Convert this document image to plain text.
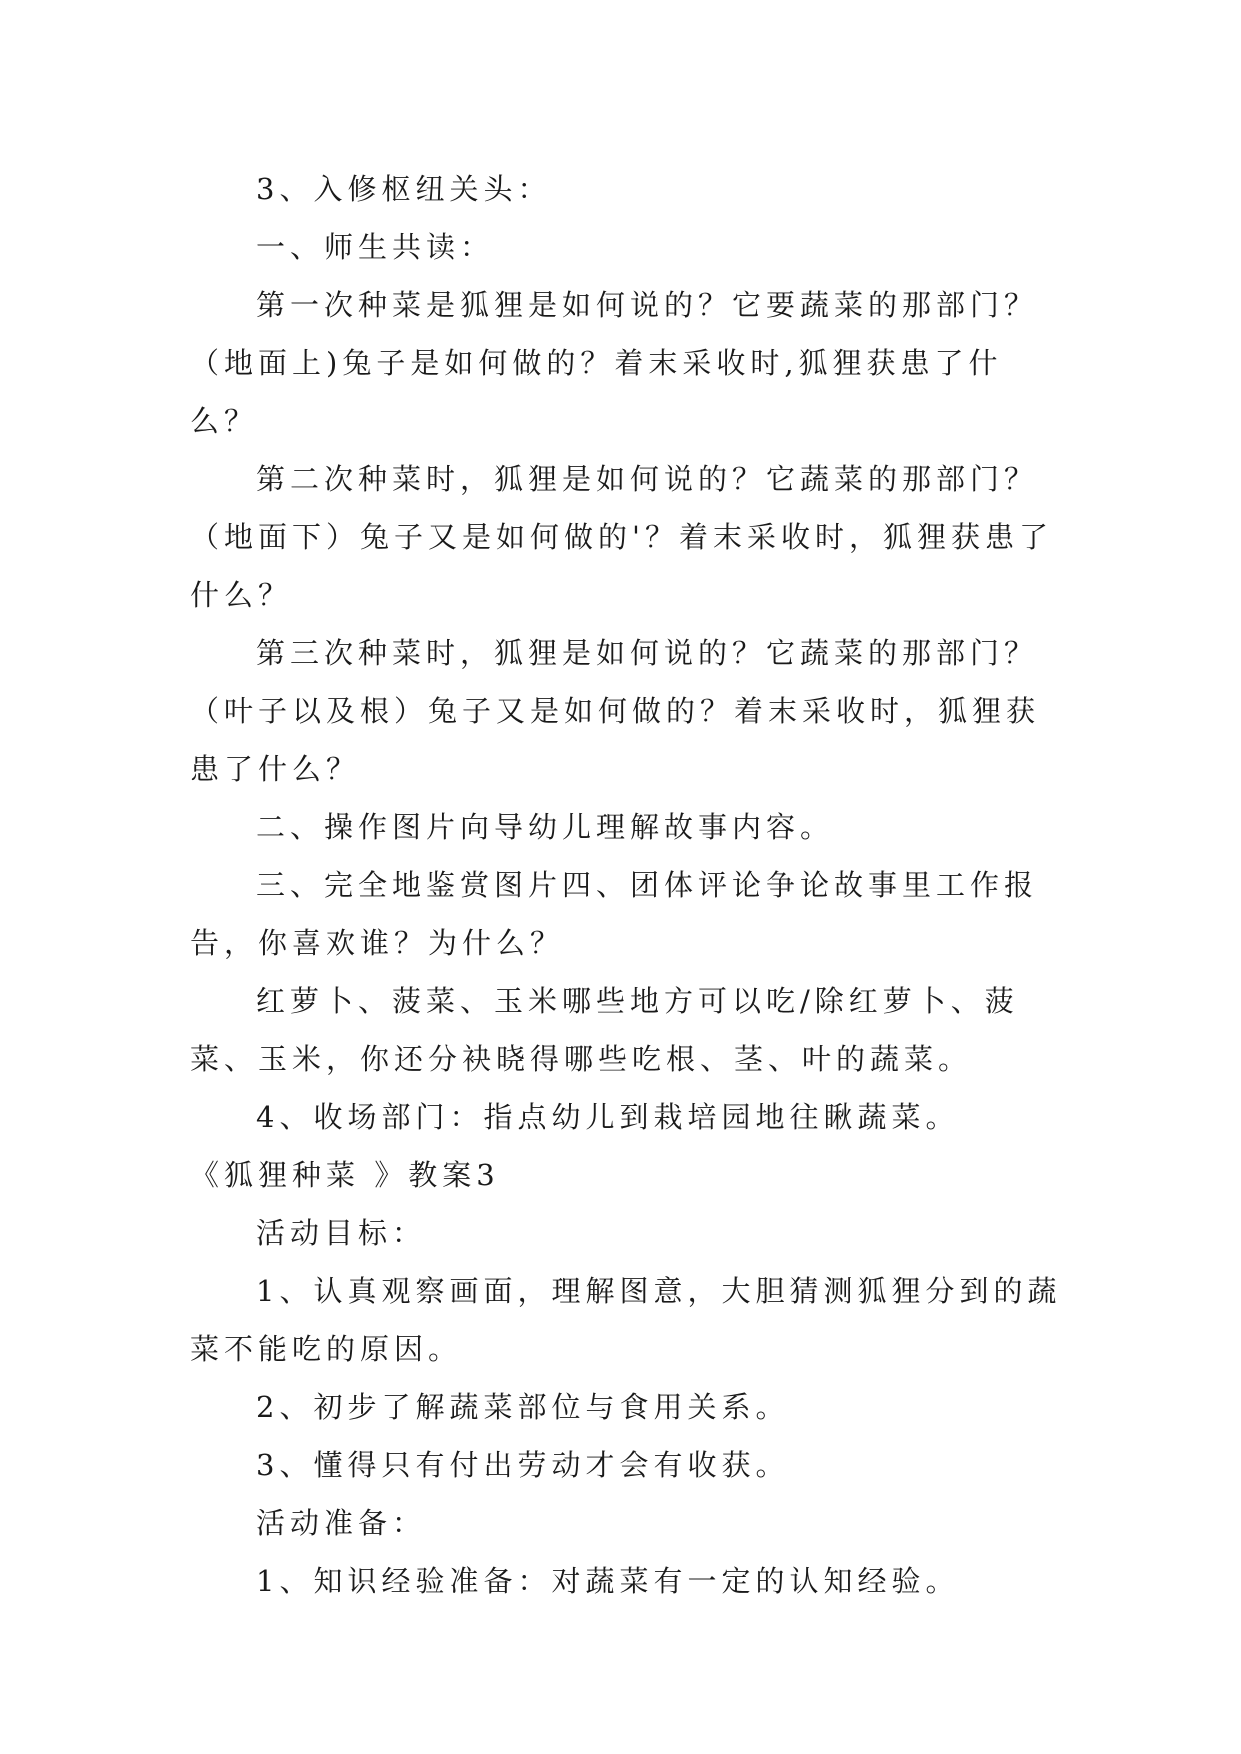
3、入修枢纽关头：

一、师生共读：

第一次种菜是狐狸是如何说的？它要蔬菜的那部门？（地面上)兔子是如何做的？着末采收时,狐狸获患了什么？

第二次种菜时，狐狸是如何说的？它蔬菜的那部门？（地面下）兔子又是如何做的'？着末采收时，狐狸获患了什么？

第三次种菜时，狐狸是如何说的？它蔬菜的那部门？（叶子以及根）兔子又是如何做的？着末采收时，狐狸获患了什么？

二、操作图片向导幼儿理解故事内容。

三、完全地鉴赏图片四、团体评论争论故事里工作报告，你喜欢谁？为什么？

红萝卜、菠菜、玉米哪些地方可以吃/除红萝卜、菠菜、玉米，你还分袂晓得哪些吃根、茎、叶的蔬菜。

4、收场部门：指点幼儿到栽培园地往瞅蔬菜。

《狐狸种菜 》教案3

活动目标：

1、认真观察画面，理解图意，大胆猜测狐狸分到的蔬菜不能吃的原因。

2、初步了解蔬菜部位与食用关系。

3、懂得只有付出劳动才会有收获。

活动准备：

1、知识经验准备：对蔬菜有一定的认知经验。
